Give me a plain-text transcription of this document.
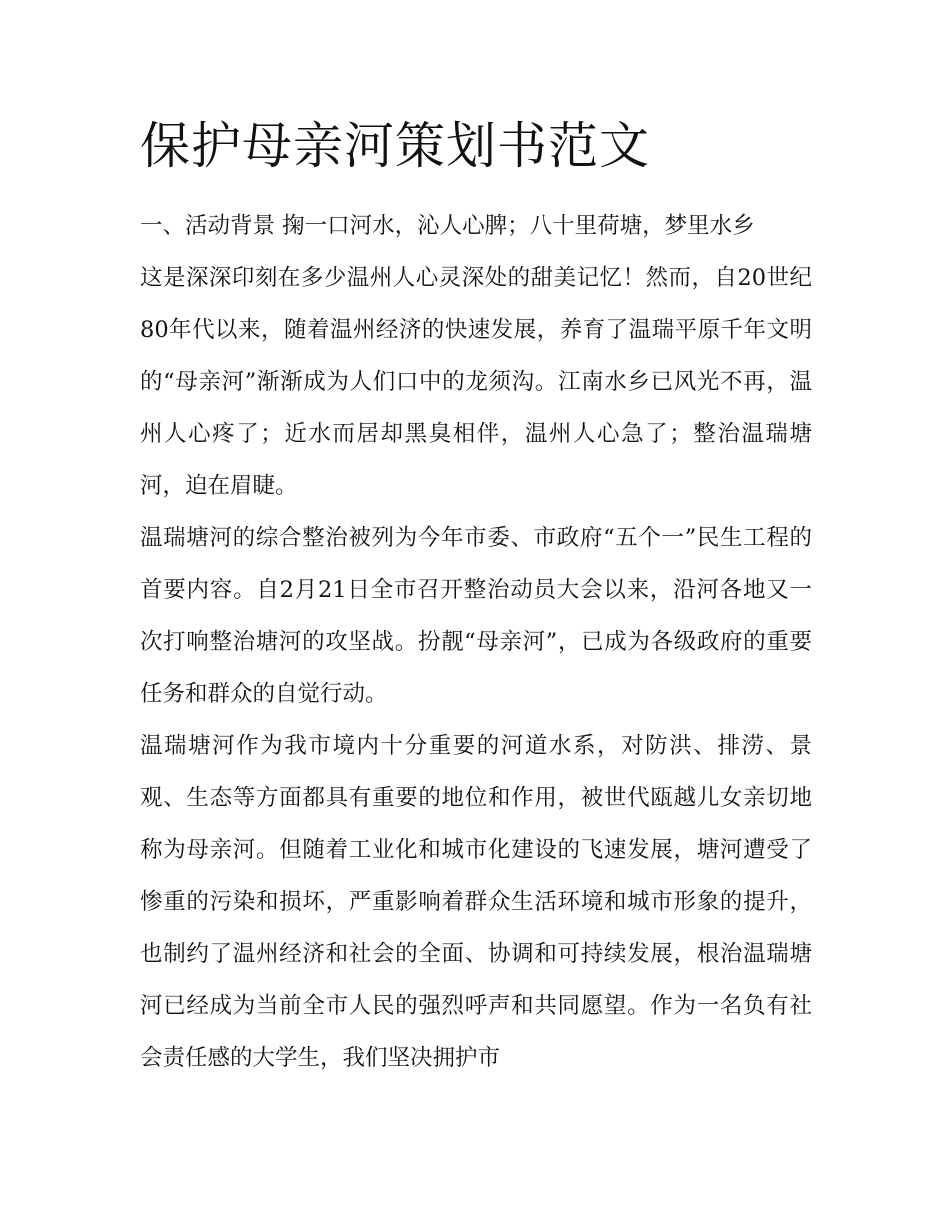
保护母亲河策划书范文

一、活动背景 掬一口河水，沁人心脾；八十里荷塘，梦里水乡

这是深深印刻在多少温州人心灵深处的甜美记忆！然而，自20世纪80年代以来，随着温州经济的快速发展，养育了温瑞平原千年文明的“母亲河”渐渐成为人们口中的龙须沟。江南水乡已风光不再，温州人心疼了；近水而居却黑臭相伴，温州人心急了；整治温瑞塘河，迫在眉睫。

温瑞塘河的综合整治被列为今年市委、市政府“五个一”民生工程的首要内容。自2月21日全市召开整治动员大会以来，沿河各地又一次打响整治塘河的攻坚战。扮靓“母亲河”，已成为各级政府的重要任务和群众的自觉行动。

温瑞塘河作为我市境内十分重要的河道水系，对防洪、排涝、景观、生态等方面都具有重要的地位和作用，被世代瓯越儿女亲切地称为母亲河。但随着工业化和城市化建设的飞速发展，塘河遭受了惨重的污染和损坏，严重影响着群众生活环境和城市形象的提升，也制约了温州经济和社会的全面、协调和可持续发展，根治温瑞塘河已经成为当前全市人民的强烈呼声和共同愿望。作为一名负有社会责任感的大学生，我们坚决拥护市
